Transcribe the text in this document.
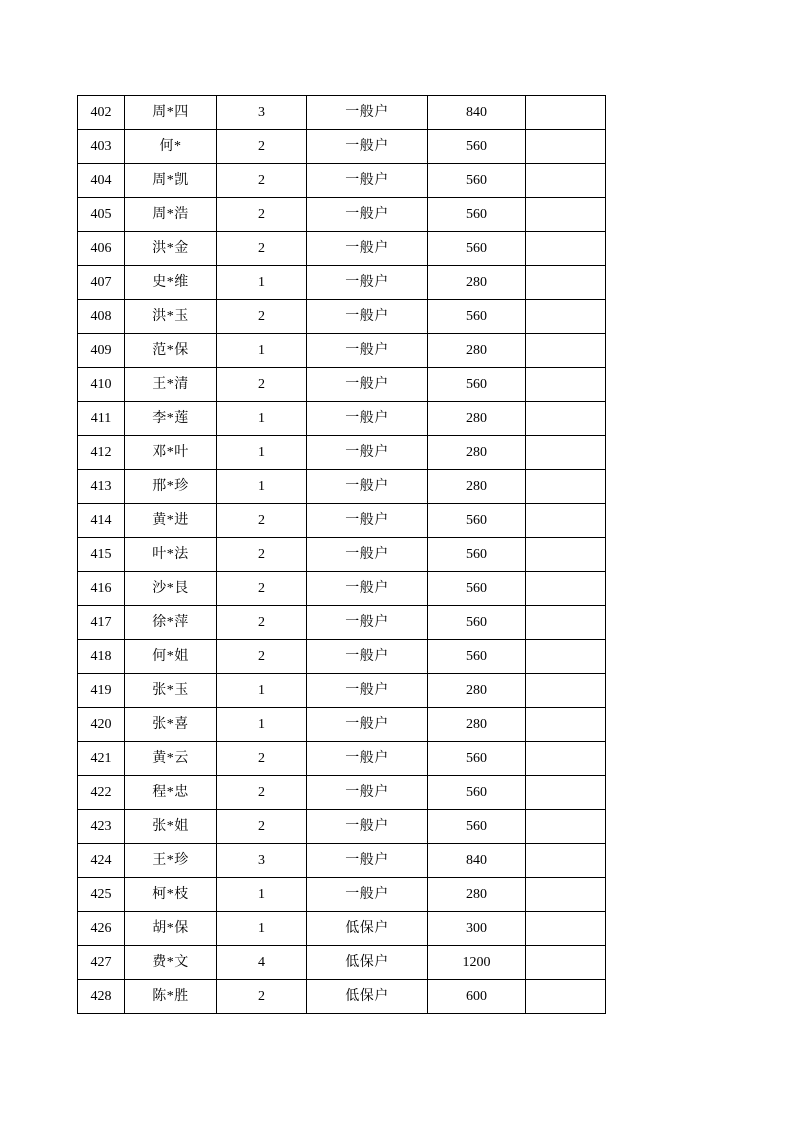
402	周*四	3	一般户	840	
403	何*	2	一般户	560	
404	周*凯	2	一般户	560	
405	周*浩	2	一般户	560	
406	洪*金	2	一般户	560	
407	史*维	1	一般户	280	
408	洪*玉	2	一般户	560	
409	范*保	1	一般户	280	
410	王*清	2	一般户	560	
411	李*莲	1	一般户	280	
412	邓*叶	1	一般户	280	
413	邢*珍	1	一般户	280	
414	黄*进	2	一般户	560	
415	叶*法	2	一般户	560	
416	沙*艮	2	一般户	560	
417	徐*萍	2	一般户	560	
418	何*姐	2	一般户	560	
419	张*玉	1	一般户	280	
420	张*喜	1	一般户	280	
421	黄*云	2	一般户	560	
422	程*忠	2	一般户	560	
423	张*姐	2	一般户	560	
424	王*珍	3	一般户	840	
425	柯*枝	1	一般户	280	
426	胡*保	1	低保户	300	
427	费*文	4	低保户	1200	
428	陈*胜	2	低保户	600	
